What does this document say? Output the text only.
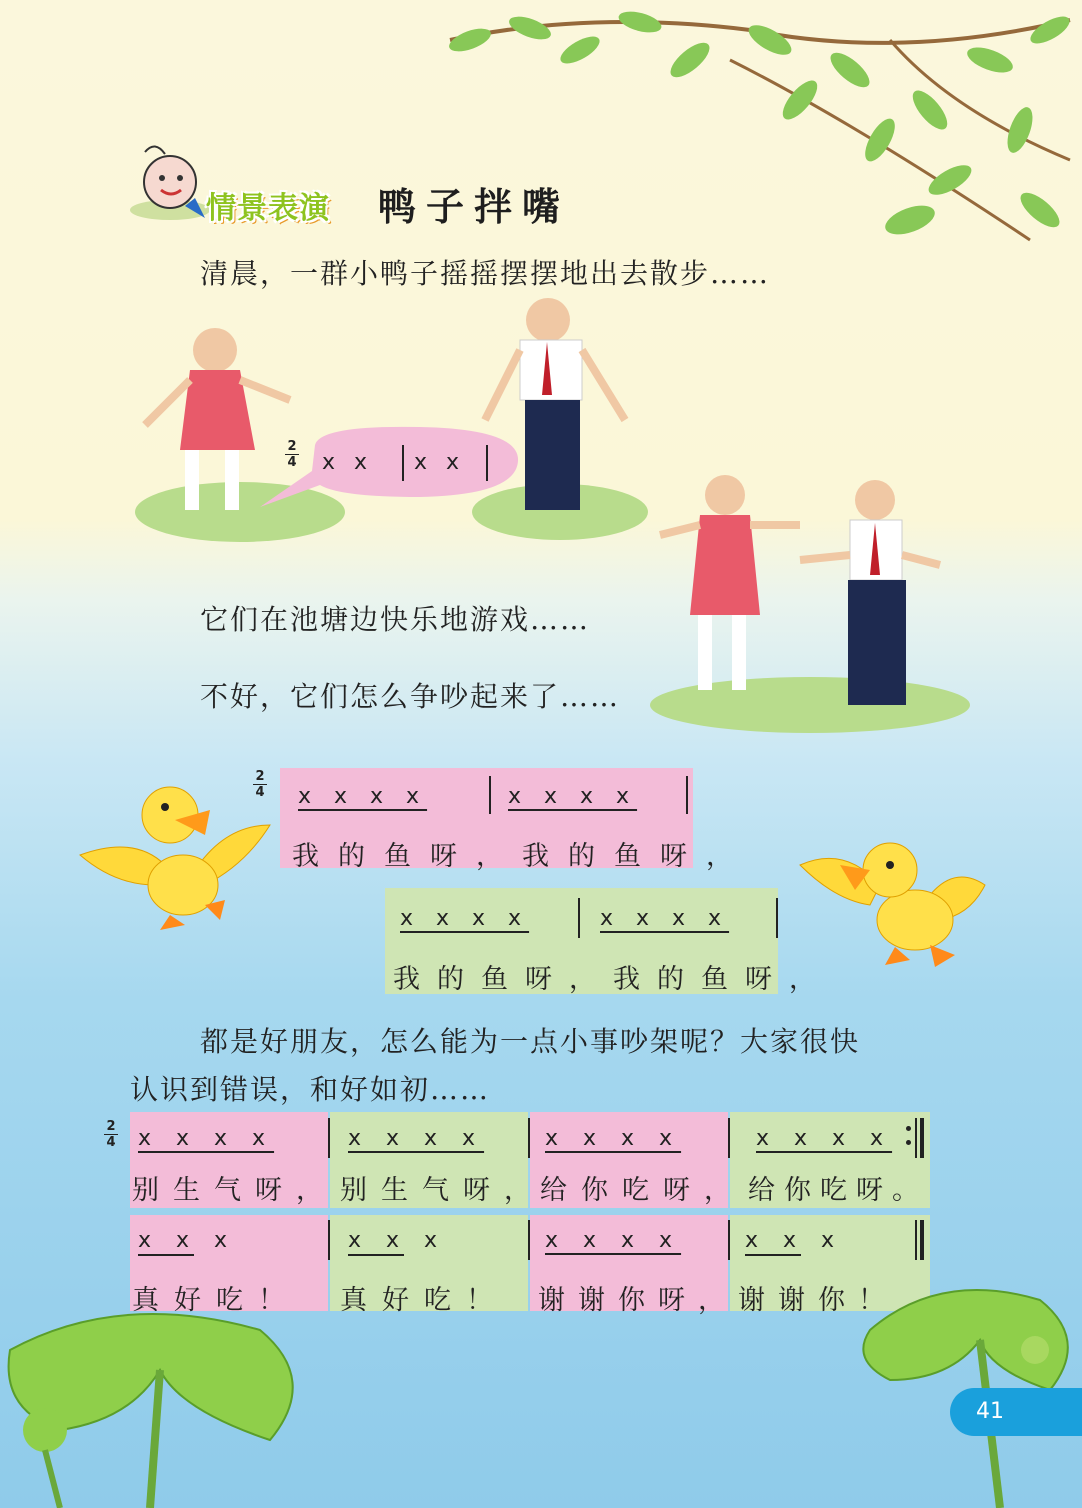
情景表演 鸭子拌嘴
清晨，一群小鸭子摇摇摆摆地出去散步……
2
4 x x x x
它们在池塘边快乐地游戏……
不好，它们怎么争吵起来了……
2
4 x x x x	x x x x
我的鱼呀，我的鱼呀，
x x x x	x x x x
我的鱼呀，我的鱼呀，
都是好朋友，怎么能为一点小事吵架呢？大家很快
认识到错误，和好如初……
2
4 x x x x	x x x x	x x x x	x x x x
别生气呀， 别生气呀，
给你吃呀， 给你吃呀。
x x x	x x x	x x x x	x x x
真好吃！ 真好吃！ 谢谢你呀， 谢谢你！
41
